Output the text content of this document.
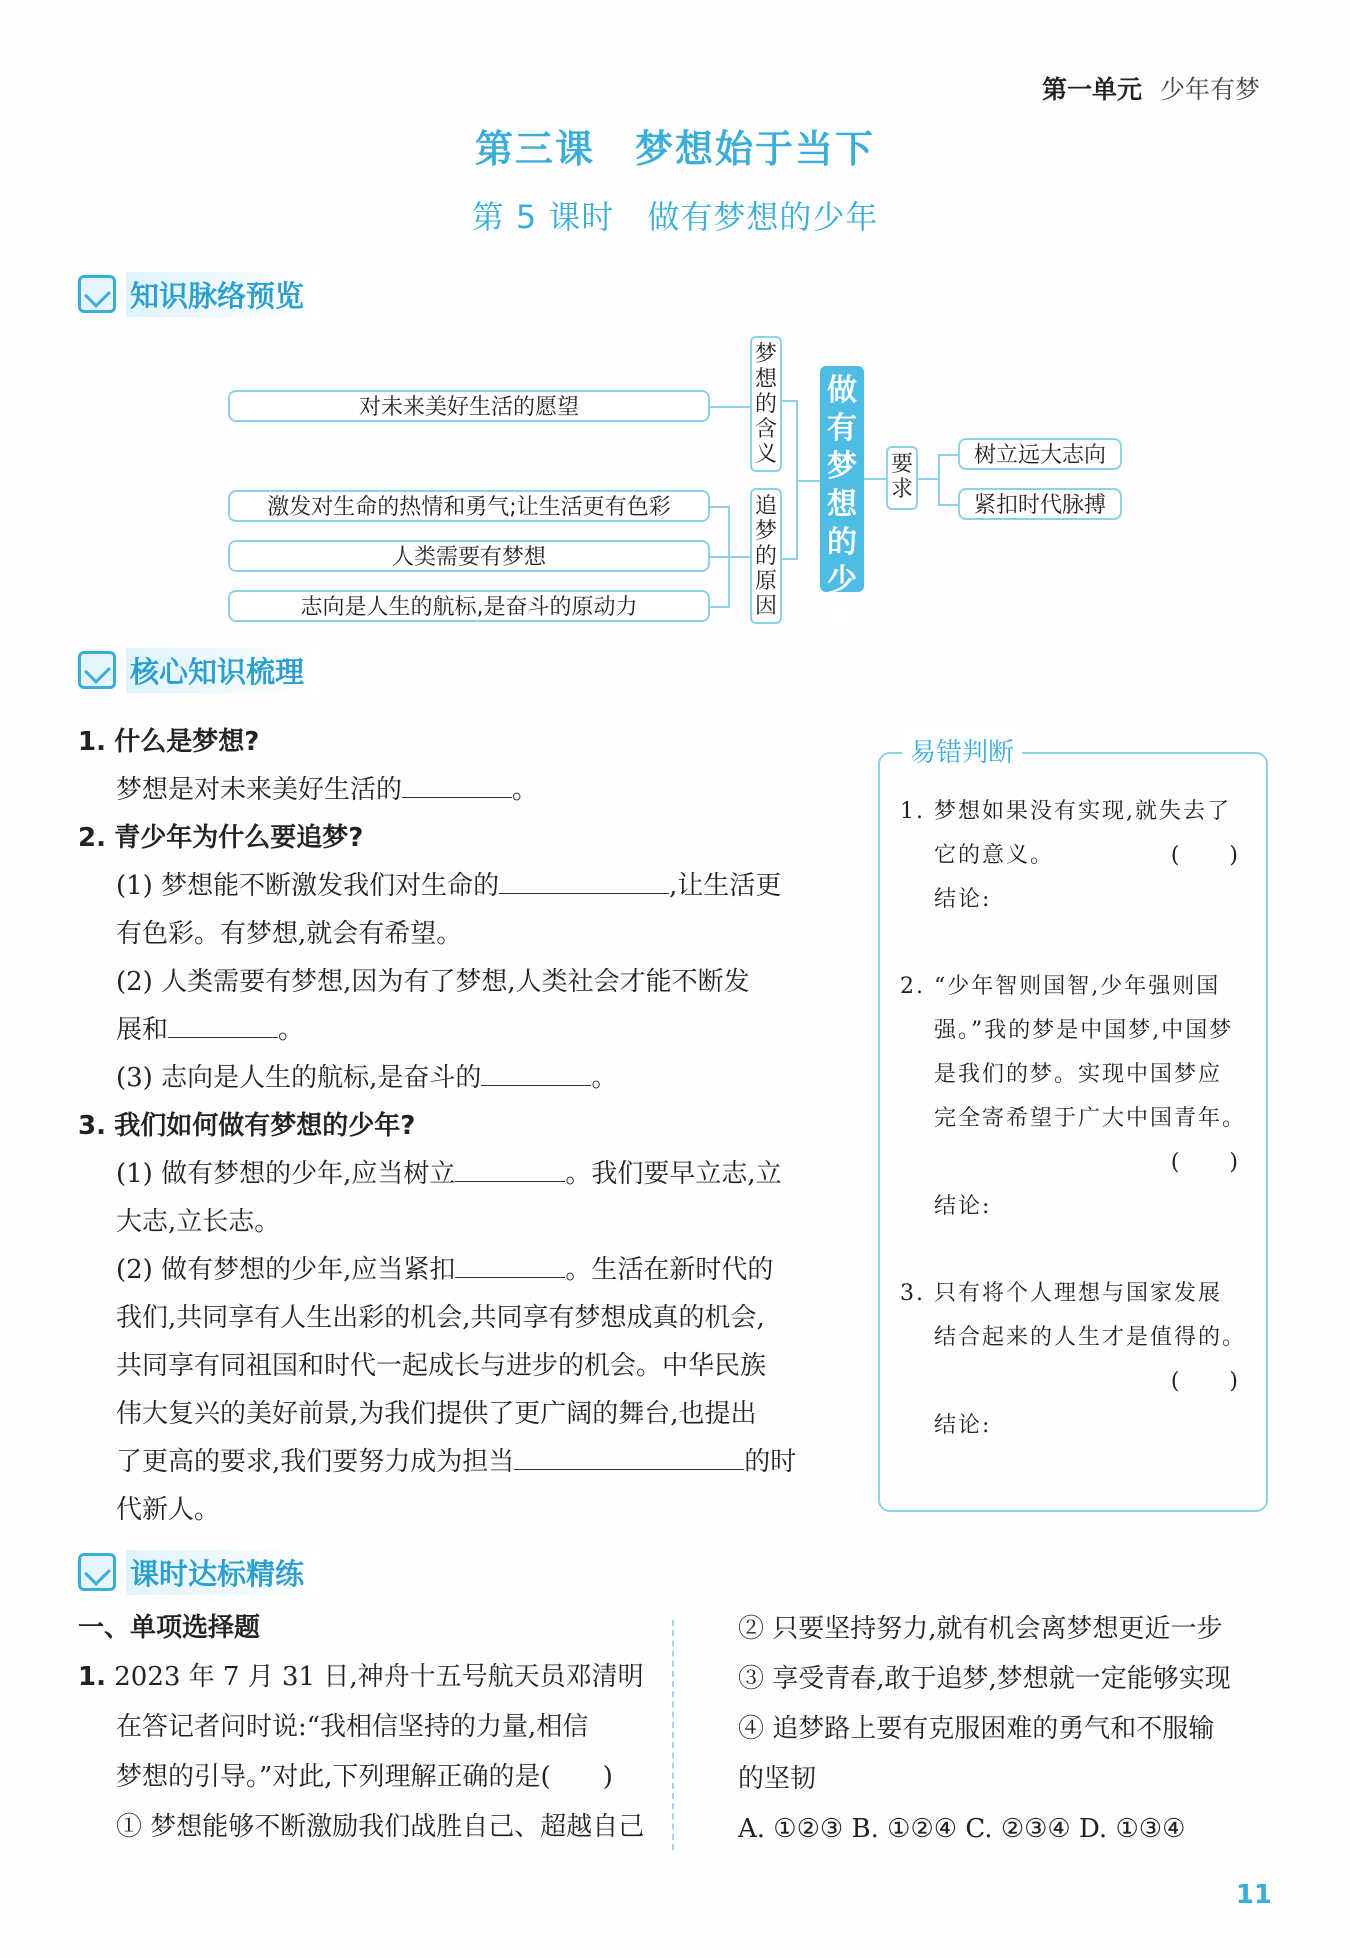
第一单元 少年有梦
第三课　梦想始于当下
第 5 课时　做有梦想的少年
知识脉络预览
对未来美好生活的愿望
激发对生命的热情和勇气;让生活更有色彩
人类需要有梦想
志向是人生的航标,是奋斗的原动力
梦想的含义
追梦的原因
做有梦想的少年
要求
树立远大志向
紧扣时代脉搏
核心知识梳理
1. 什么是梦想?
梦想是对未来美好生活的	。
2. 青少年为什么要追梦?
(1) 梦想能不断激发我们对生命的	,让生活更
有色彩。有梦想,就会有希望。
(2) 人类需要有梦想,因为有了梦想,人类社会才能不断发
展和	。
(3) 志向是人生的航标,是奋斗的	。
3. 我们如何做有梦想的少年?
(1) 做有梦想的少年,应当树立	。我们要早立志,立
大志,立长志。
(2) 做有梦想的少年,应当紧扣	。生活在新时代的
我们,共同享有人生出彩的机会,共同享有梦想成真的机会,
共同享有同祖国和时代一起成长与进步的机会。中华民族
伟大复兴的美好前景,为我们提供了更广阔的舞台,也提出
了更高的要求,我们要努力成为担当	的时
代新人。
易错判断
1. 梦想如果没有实现,就失去了
它的意义。	(　　)
结论:
2. “少年智则国智,少年强则国
强。”我的梦是中国梦,中国梦
是我们的梦。实现中国梦应
完全寄希望于广大中国青年。
(　　)
结论:
3. 只有将个人理想与国家发展
结合起来的人生才是值得的。
(　　)
结论:
课时达标精练
一、单项选择题
1. 2023 年 7 月 31 日,神舟十五号航天员邓清明
在答记者问时说:“我相信坚持的力量,相信
梦想的引导。”对此,下列理解正确的是(　　)
① 梦想能够不断激励我们战胜自己、超越自己
② 只要坚持努力,就有机会离梦想更近一步
③ 享受青春,敢于追梦,梦想就一定能够实现
④ 追梦路上要有克服困难的勇气和不服输
的坚韧
A. ①②③ B. ①②④ C. ②③④ D. ①③④
11
